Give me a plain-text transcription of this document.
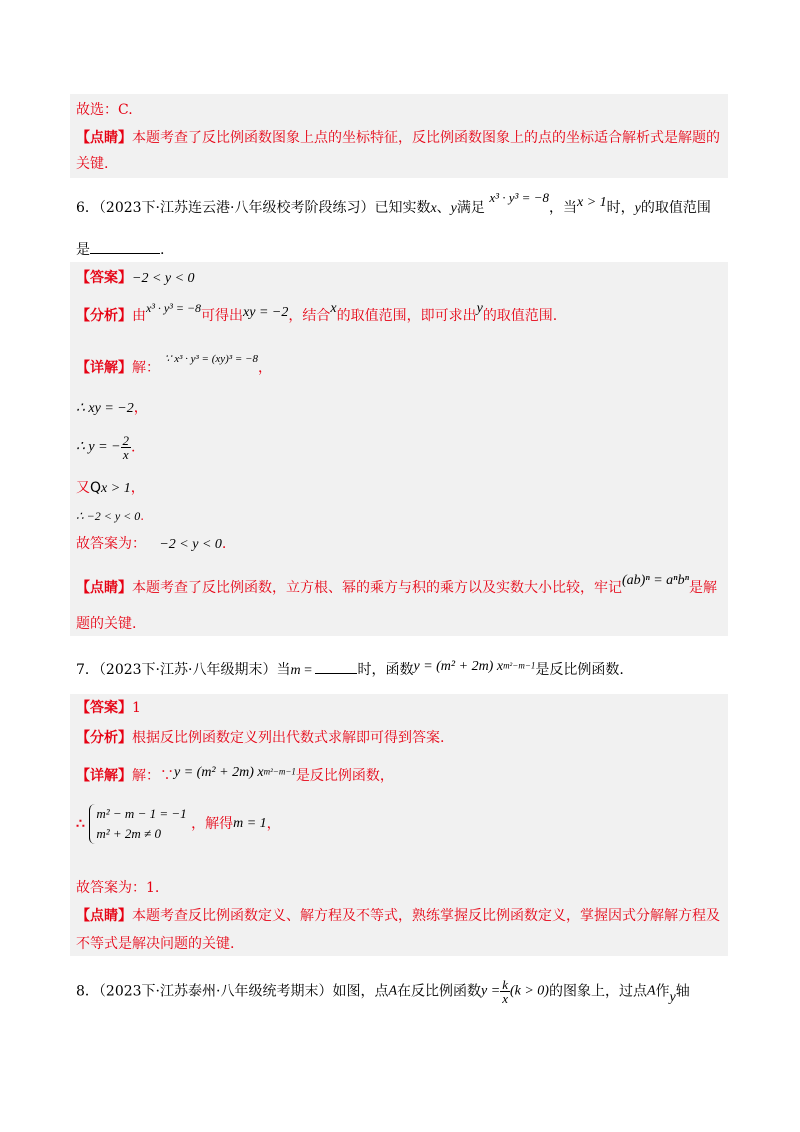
故选：C.
【点睛】本题考查了反比例函数图象上点的坐标特征，反比例函数图象上的点的坐标适合解析式是解题的
关键.
6．（2023下·江苏连云港·八年级校考阶段练习）已知实数x、y满足 x³ · y³ = −8，当x > 1时，y的取值范围
是	.
【答案】−2 < y < 0
【分析】由x³ · y³ = −8可得出xy = −2，结合x的取值范围，即可求出y的取值范围.
【详解】解： $^{\because x^3 \cdot y^3 = (xy)^3 = -8}$，
∴ xy = −2，
∴ y = − $\frac{2}{x}$ .
又Qx > 1，
∴ −2 < y < 0.
故答案为： −2 < y < 0.
【点睛】本题考查了反比例函数，立方根、幂的乘方与积的乘方以及实数大小比较，牢记(ab)ⁿ = aⁿbⁿ是解
题的关键.
7．（2023下·江苏·八年级期末）当m =	时，函数y = (m² + 2m) $x^{m^2-m-1}$是反比例函数.
【答案】1
【分析】根据反比例函数定义列出代数式求解即可得到答案.
【详解】解：∵y = (m² + 2m) $x^{m^2-m-1}$是反比例函数，
∴
m² − m − 1 = −1
m² + 2m ≠ 0
，解得m = 1，
故答案为：1.
【点睛】本题考查反比例函数定义、解方程及不等式，熟练掌握反比例函数定义，掌握因式分解解方程及
不等式是解决问题的关键.
8．（2023下·江苏泰州·八年级统考期末）如图，点A在反比例函数$y = \frac{k}{x} (k > 0)$的图象上，过点A作y轴
